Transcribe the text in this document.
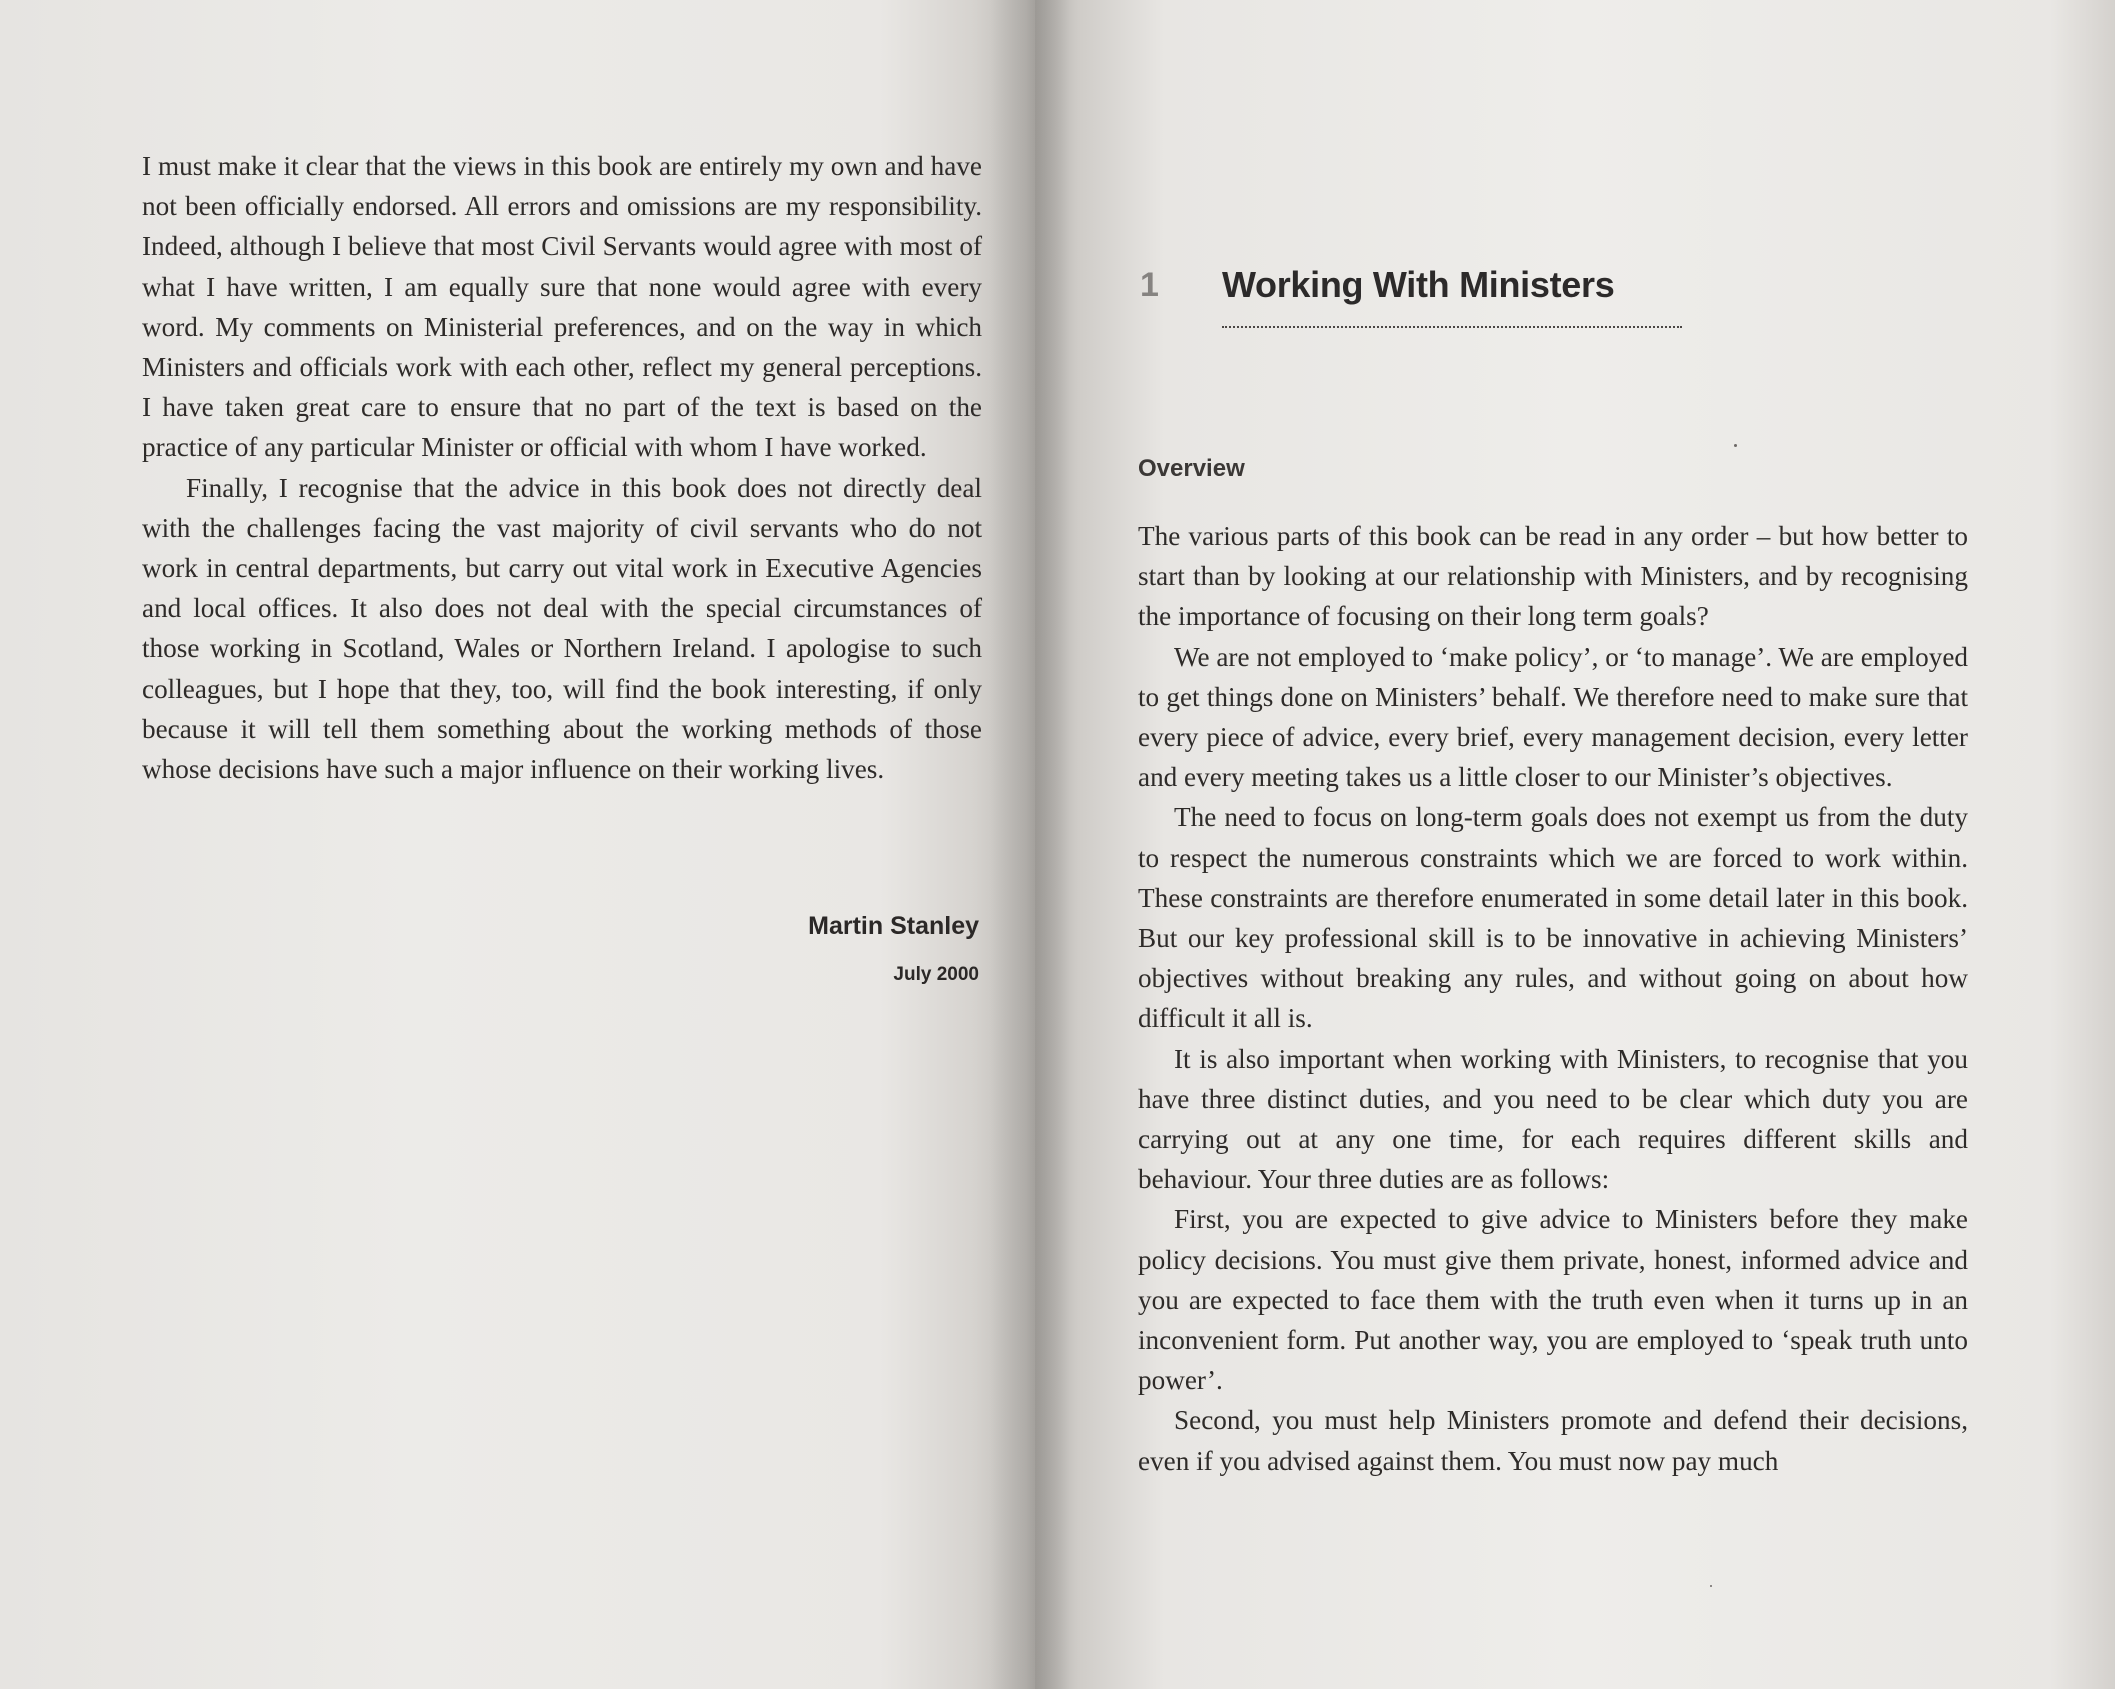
I must make it clear that the views in this book are entirely my own and have not been officially endorsed. All errors and omissions are my responsibility. Indeed, although I believe that most Civil Servants would agree with most of what I have written, I am equally sure that none would agree with every word. My comments on Ministerial preferences, and on the way in which Ministers and officials work with each other, reflect my general perceptions. I have taken great care to ensure that no part of the text is based on the practice of any particular Minister or official with whom I have worked.

Finally, I recognise that the advice in this book does not directly deal with the challenges facing the vast majority of civil servants who do not work in central departments, but carry out vital work in Executive Agencies and local offices. It also does not deal with the special circumstances of those working in Scotland, Wales or Northern Ireland. I apologise to such colleagues, but I hope that they, too, will find the book interesting, if only because it will tell them something about the working methods of those whose decisions have such a major influence on their working lives.

Martin Stanley
July 2000
1 Working With Ministers
Overview

The various parts of this book can be read in any order – but how better to start than by looking at our relationship with Ministers, and by recognising the importance of focusing on their long term goals?

We are not employed to ‘make policy’, or ‘to manage’. We are employed to get things done on Ministers’ behalf. We therefore need to make sure that every piece of advice, every brief, every management decision, every letter and every meeting takes us a little closer to our Minister’s objectives.

The need to focus on long-term goals does not exempt us from the duty to respect the numerous constraints which we are forced to work within. These constraints are therefore enumerated in some detail later in this book. But our key professional skill is to be innovative in achieving Ministers’ objectives without breaking any rules, and without going on about how difficult it all is.

It is also important when working with Ministers, to recognise that you have three distinct duties, and you need to be clear which duty you are carrying out at any one time, for each requires different skills and behaviour. Your three duties are as follows:

First, you are expected to give advice to Ministers before they make policy decisions. You must give them private, honest, informed advice and you are expected to face them with the truth even when it turns up in an inconvenient form. Put another way, you are employed to ‘speak truth unto power’.

Second, you must help Ministers promote and defend their decisions, even if you advised against them. You must now pay much
